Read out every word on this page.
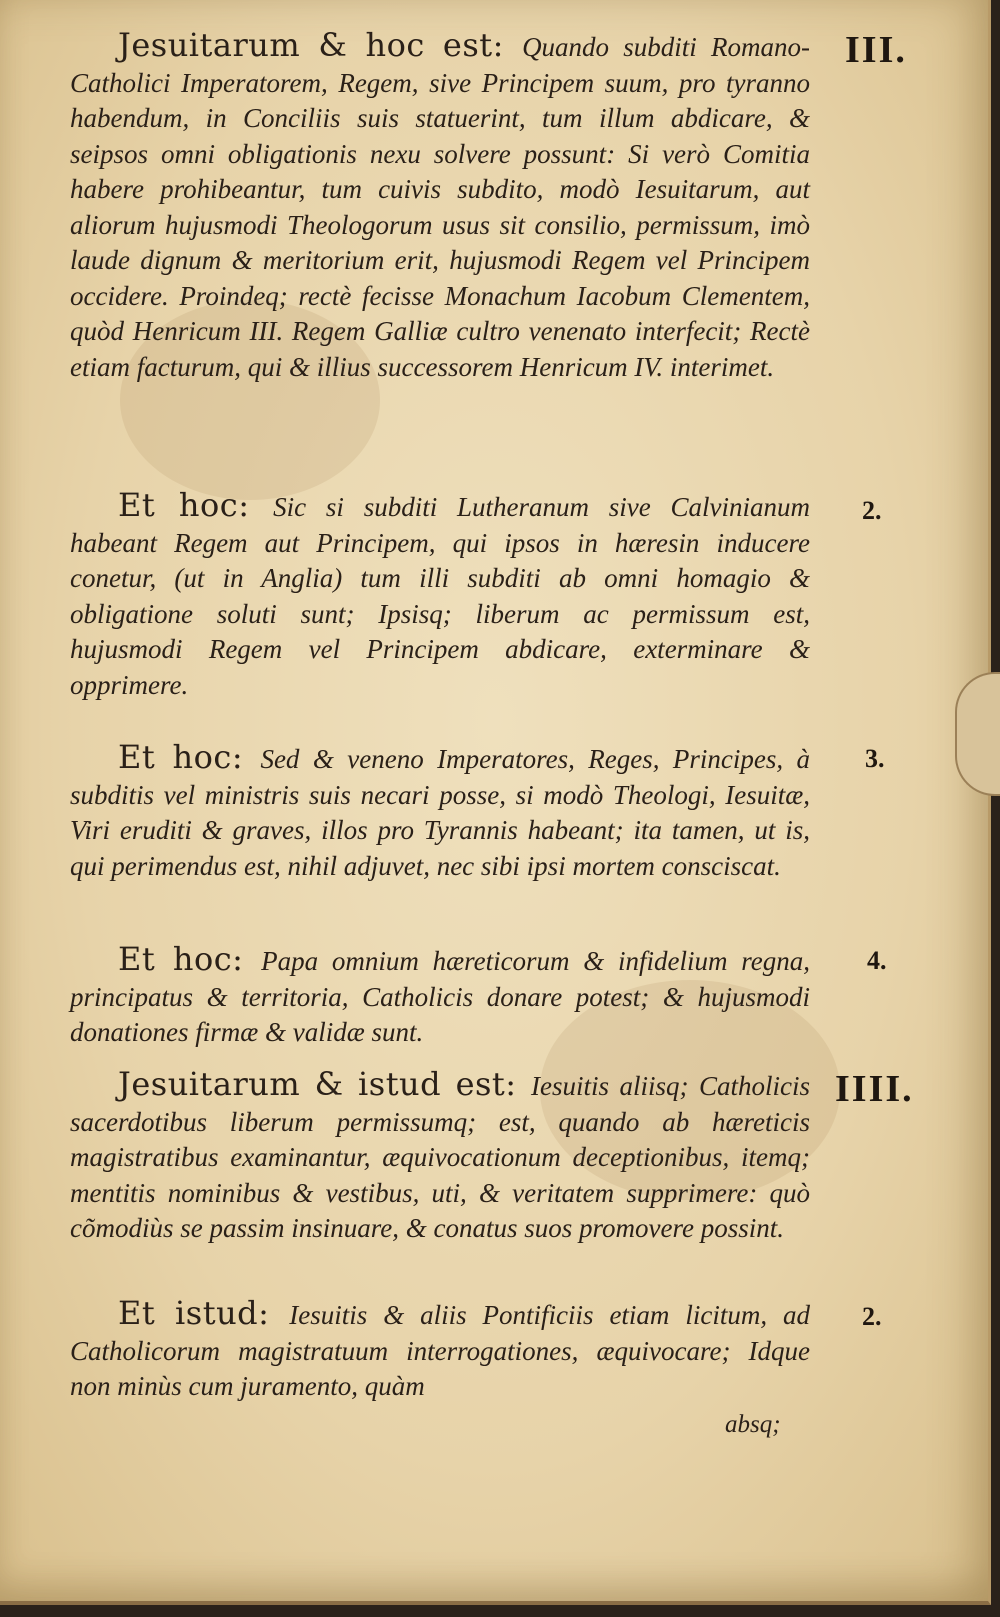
Jesuitarum & hoc est: Quando subditi Romano-Catholici Imperatorem, Regem, sive Principem suum, pro tyranno habendum, in Conciliis suis statuerint, tum illum abdicare, & seipsos omni obligationis nexu solvere possunt: Si verò Comitia habere prohibeantur, tum cuivis subdito, modò Iesuitarum, aut aliorum hujusmodi Theologorum usus sit consilio, permissum, imò laude dignum & meritorium erit, hujusmodi Regem vel Principem occidere. Proindeq; rectè fecisse Monachum Iacobum Clementem, quòd Henricum III. Regem Galliæ cultro venenato interfecit; Rectè etiam facturum, qui & illius successorem Henricum IV. interimet.
III.
Et hoc: Sic si subditi Lutheranum sive Calvinianum habeant Regem aut Principem, qui ipsos in hæresin inducere conetur, (ut in Anglia) tum illi subditi ab omni homagio & obligatione soluti sunt; Ipsisq; liberum ac permissum est, hujusmodi Regem vel Principem abdicare, exterminare & opprimere.
2.
Et hoc: Sed & veneno Imperatores, Reges, Principes, à subditis vel ministris suis necari posse, si modò Theologi, Iesuitæ, Viri eruditi & graves, illos pro Tyrannis habeant; ita tamen, ut is, qui perimendus est, nihil adjuvet, nec sibi ipsi mortem consciscat.
3.
Et hoc: Papa omnium hæreticorum & infidelium regna, principatus & territoria, Catholicis donare potest; & hujusmodi donationes firmæ & validæ sunt.
4.
Jesuitarum & istud est: Iesuitis aliisq; Catholicis sacerdotibus liberum permissumq; est, quando ab hæreticis magistratibus examinantur, æquivocationum deceptionibus, itemq; mentitis nominibus & vestibus, uti, & veritatem supprimere: quò cõmodiùs se passim insinuare, & conatus suos promovere possint.
IIII.
Et istud: Iesuitis & aliis Pontificiis etiam licitum, ad Catholicorum magistratuum interrogationes, æquivocare; Idque non minùs cum juramento, quàm
2.
absq;
